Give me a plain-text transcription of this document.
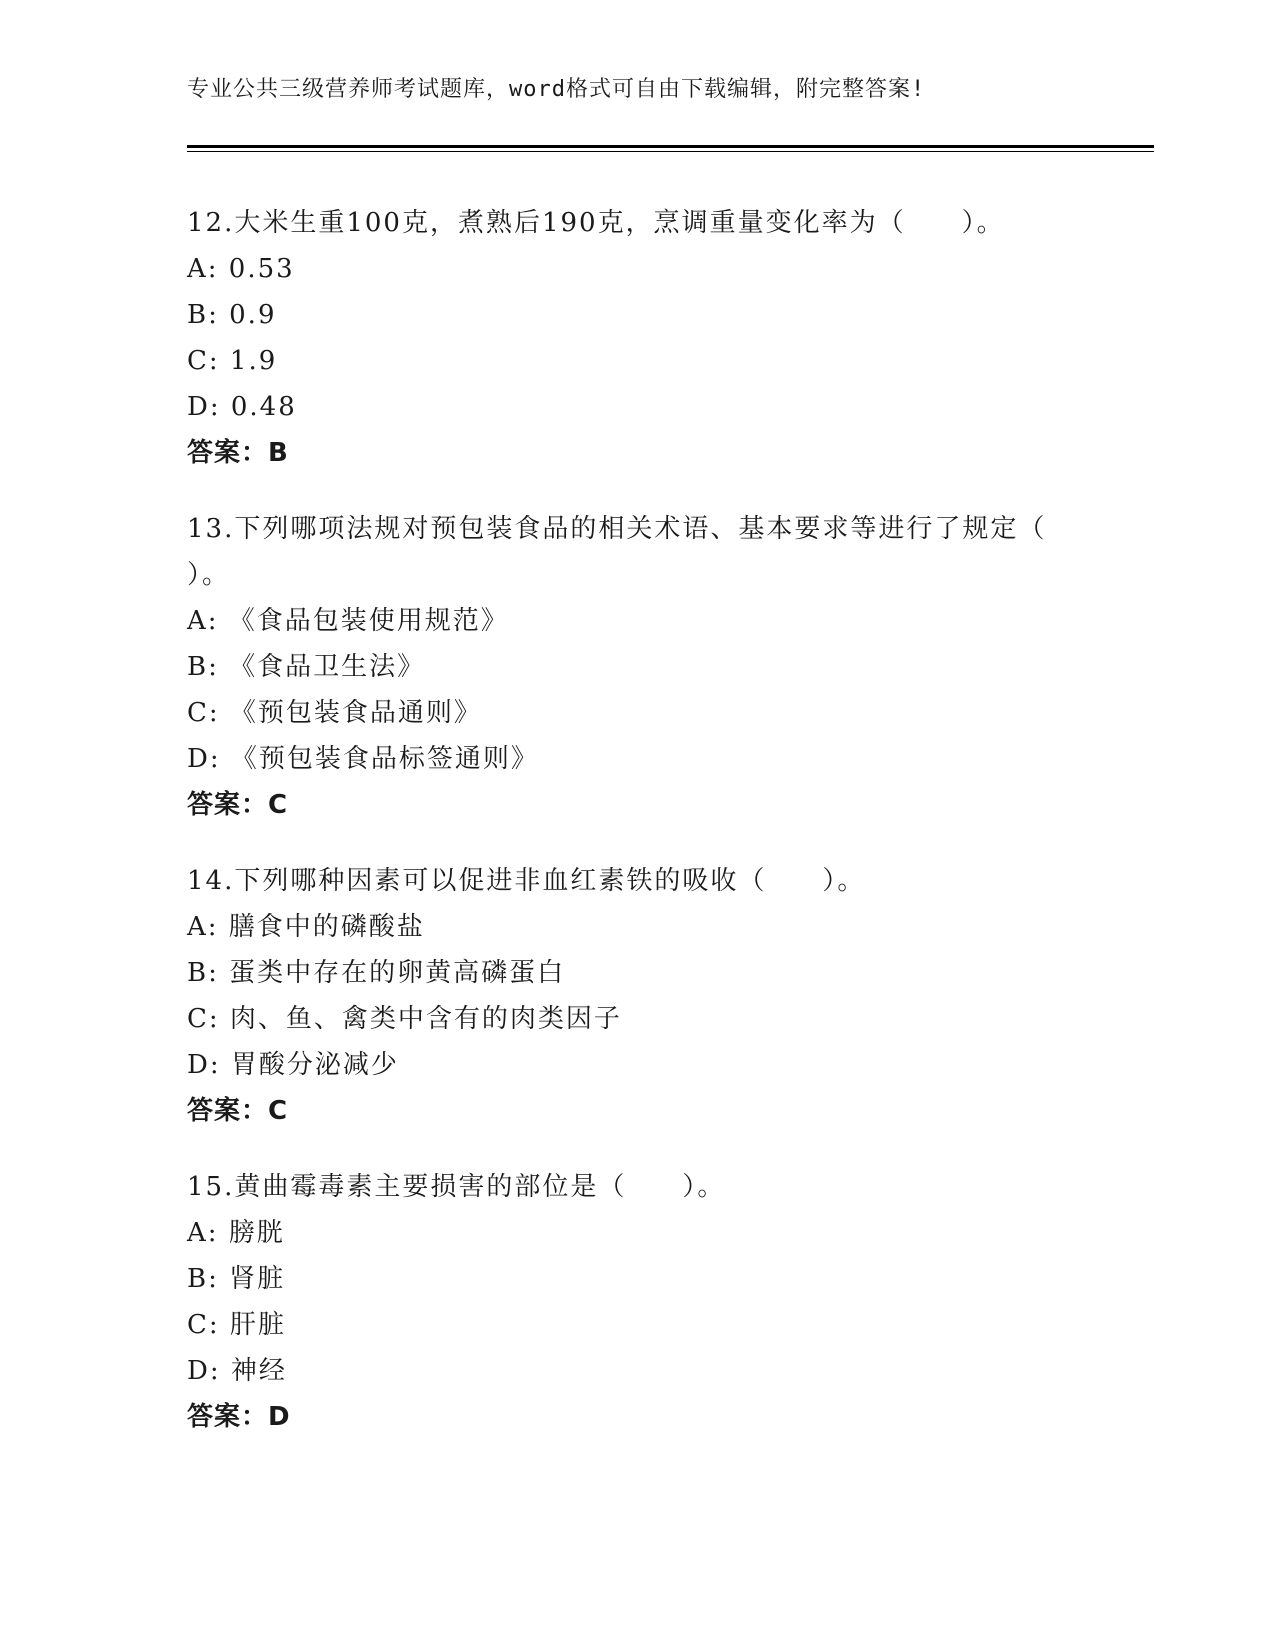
专业公共三级营养师考试题库，word格式可自由下载编辑，附完整答案!
12.大米生重100克，煮熟后190克，烹调重量变化率为（　　）。
A: 0.53
B: 0.9
C: 1.9
D: 0.48
答案：B
13.下列哪项法规对预包装食品的相关术语、基本要求等进行了规定（
）。
A: 《食品包装使用规范》
B: 《食品卫生法》
C: 《预包装食品通则》
D: 《预包装食品标签通则》
答案：C
14.下列哪种因素可以促进非血红素铁的吸收（　　）。
A: 膳食中的磷酸盐
B: 蛋类中存在的卵黄高磷蛋白
C: 肉、鱼、禽类中含有的肉类因子
D: 胃酸分泌减少
答案：C
15.黄曲霉毒素主要损害的部位是（　　）。
A: 膀胱
B: 肾脏
C: 肝脏
D: 神经
答案：D
